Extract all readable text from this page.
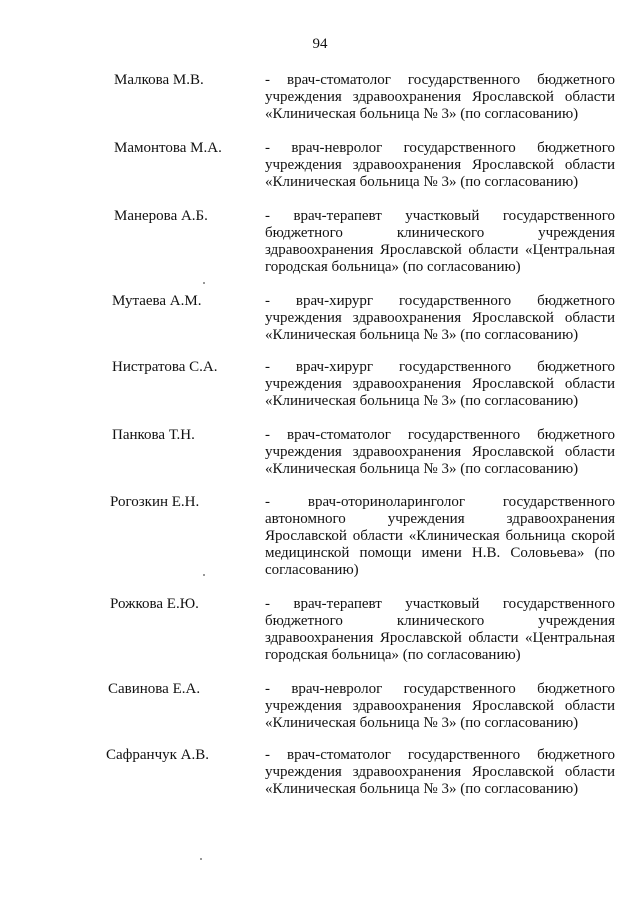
94
Малкова М.В.	- врач-стоматолог государственного бюджетного учреждения здравоохранения Ярославской области «Клиническая больница № 3» (по согласованию)
Мамонтова М.А.	- врач-невролог государственного бюджетного учреждения здравоохранения Ярославской области «Клиническая больница № 3» (по согласованию)
Манерова А.Б.	- врач-терапевт участковый государственного бюджетного клинического учреждения здравоохранения Ярославской области «Центральная городская больница» (по согласованию)
Мутаева А.М.	- врач-хирург государственного бюджетного учреждения здравоохранения Ярославской области «Клиническая больница № 3» (по согласованию)
Нистратова С.А.	- врач-хирург государственного бюджетного учреждения здравоохранения Ярославской области «Клиническая больница № 3» (по согласованию)
Панкова Т.Н.	- врач-стоматолог государственного бюджетного учреждения здравоохранения Ярославской области «Клиническая больница № 3» (по согласованию)
Рогозкин Е.Н.	- врач-оториноларинголог государственного автономного учреждения здравоохранения Ярославской области «Клиническая больница скорой медицинской помощи имени Н.В. Соловьева» (по согласованию)
Рожкова Е.Ю.	- врач-терапевт участковый государственного бюджетного клинического учреждения здравоохранения Ярославской области «Центральная городская больница» (по согласованию)
Савинова Е.А.	- врач-невролог государственного бюджетного учреждения здравоохранения Ярославской области «Клиническая больница № 3» (по согласованию)
Сафранчук А.В.	- врач-стоматолог государственного бюджетного учреждения здравоохранения Ярославской области «Клиническая больница № 3» (по согласованию)
